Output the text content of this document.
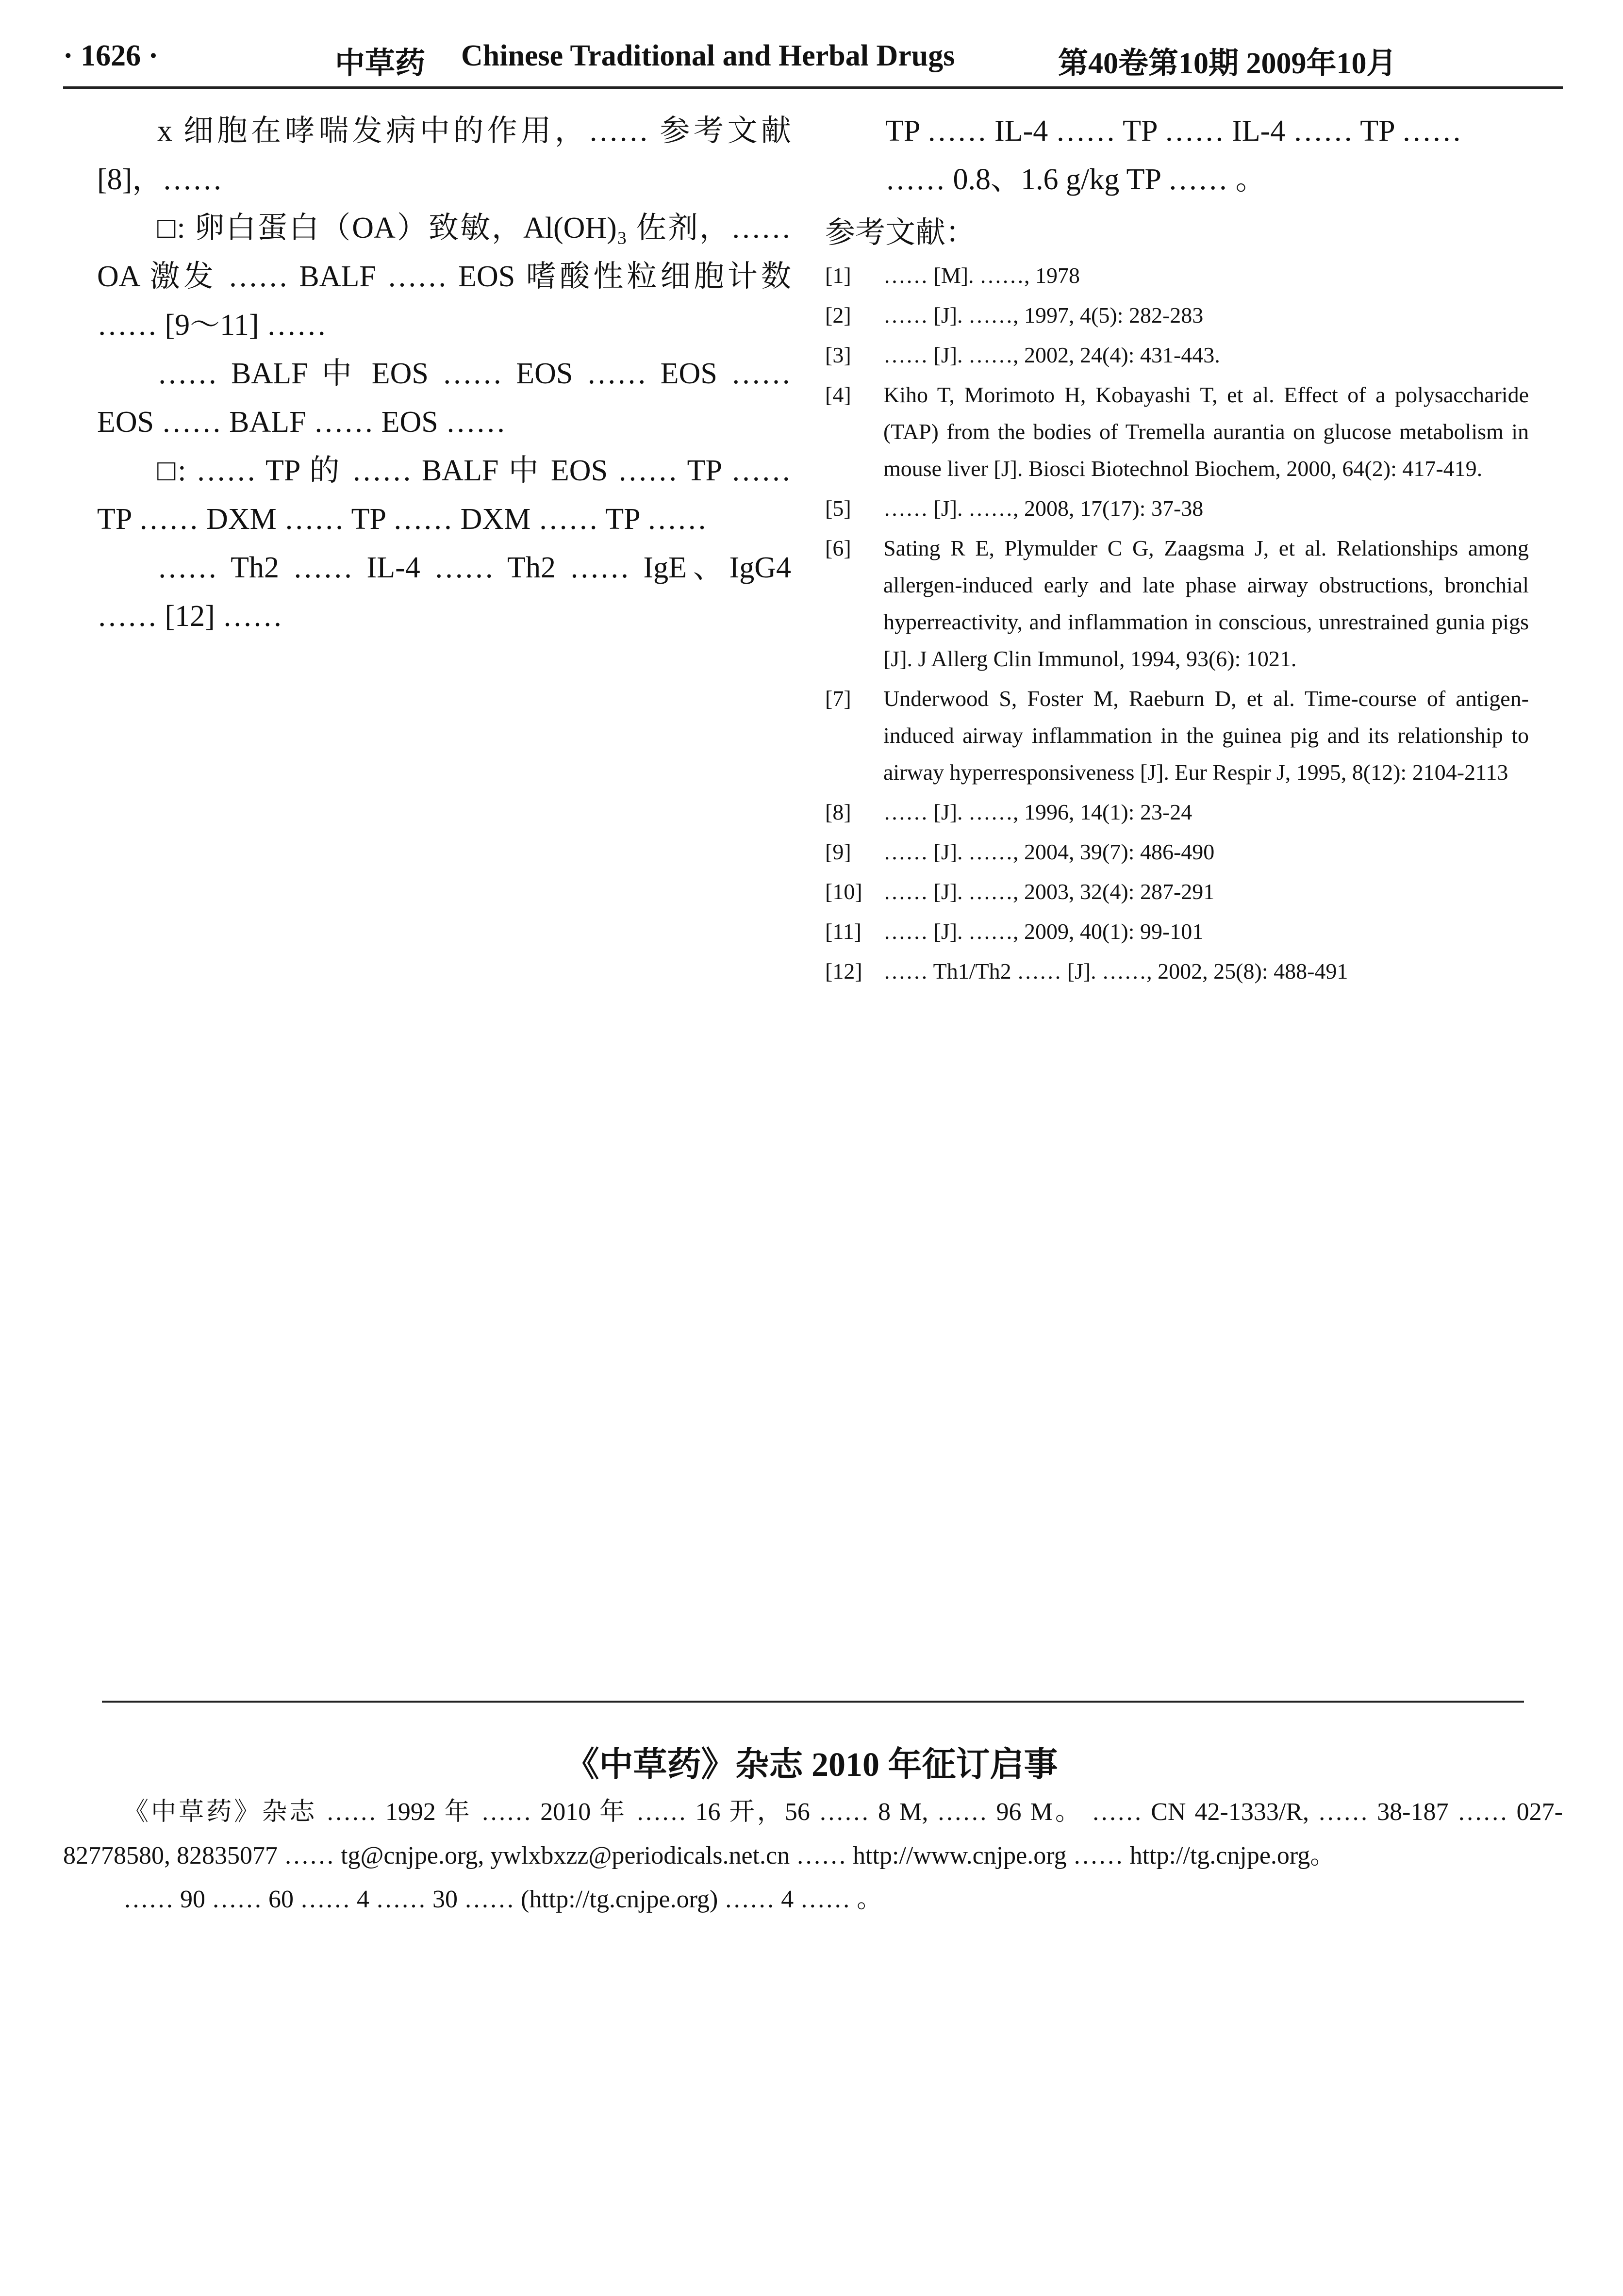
· 1626 ·	中草药 Chinese Traditional and Herbal Drugs	第40卷第10期 2009年10月

x 细胞在哮喘发病中的作用，…… 参考文献 [8]，……

□: 卵白蛋白（OA）致敏，Al(OH)₃ 佐剂，…… OA 激发 …… BALF …… EOS 嗜酸性粒细胞计数 …… [9～11] ……

…… BALF 中 EOS …… EOS …… EOS …… EOS …… BALF …… EOS ……

□: …… TP 的 …… BALF 中 EOS …… TP …… TP …… DXM …… TP …… DXM …… TP ……

…… Th2 …… IL-4 …… Th2 …… IgE、IgG4 …… [12] ……

TP …… IL-4 …… TP …… IL-4 …… TP ……

…… 0.8、1.6 g/kg TP …… 。

参考文献：

[1]	…… [M]. ……, 1978
[2]	…… [J]. ……, 1997, 4(5): 282-283
[3]	…… [J]. ……, 2002, 24(4): 431-443.
[4]	Kiho T, Morimoto H, Kobayashi T, et al. Effect of a polysaccharide (TAP) from the bodies of Tremella aurantia on glucose metabolism in mouse liver [J]. Biosci Biotechnol Biochem, 2000, 64(2): 417-419.
[5]	…… [J]. ……, 2008, 17(17): 37-38
[6]	Sating R E, Plymulder C G, Zaagsma J, et al. Relationships among allergen-induced early and late phase airway obstructions, bronchial hyperreactivity, and inflammation in conscious, unrestrained gunia pigs [J]. J Allerg Clin Immunol, 1994, 93(6): 1021.
[7]	Underwood S, Foster M, Raeburn D, et al. Time-course of antigen-induced airway inflammation in the guinea pig and its relationship to airway hyperresponsiveness [J]. Eur Respir J, 1995, 8(12): 2104-2113
[8]	…… [J]. ……, 1996, 14(1): 23-24
[9]	…… [J]. ……, 2004, 39(7): 486-490
[10] …… [J]. ……, 2003, 32(4): 287-291
[11] …… [J]. ……, 2009, 40(1): 99-101
[12] …… Th1/Th2 …… [J]. ……, 2002, 25(8): 488-491
《中草药》杂志 2010 年征订启事

《中草药》杂志 …… 1992 年 …… 2010 年 …… 16 开，56 …… 8 M, …… 96 M。 …… CN 42-1333/R, …… 38-187 …… 027-82778580, 82835077 …… tg@cnjpe.org, ywlxbxzz@periodicals.net.cn …… http://www.cnjpe.org …… http://tg.cnjpe.org。

…… 90 …… 60 …… 4 …… 30 …… (http://tg.cnjpe.org) …… 4 …… 。
